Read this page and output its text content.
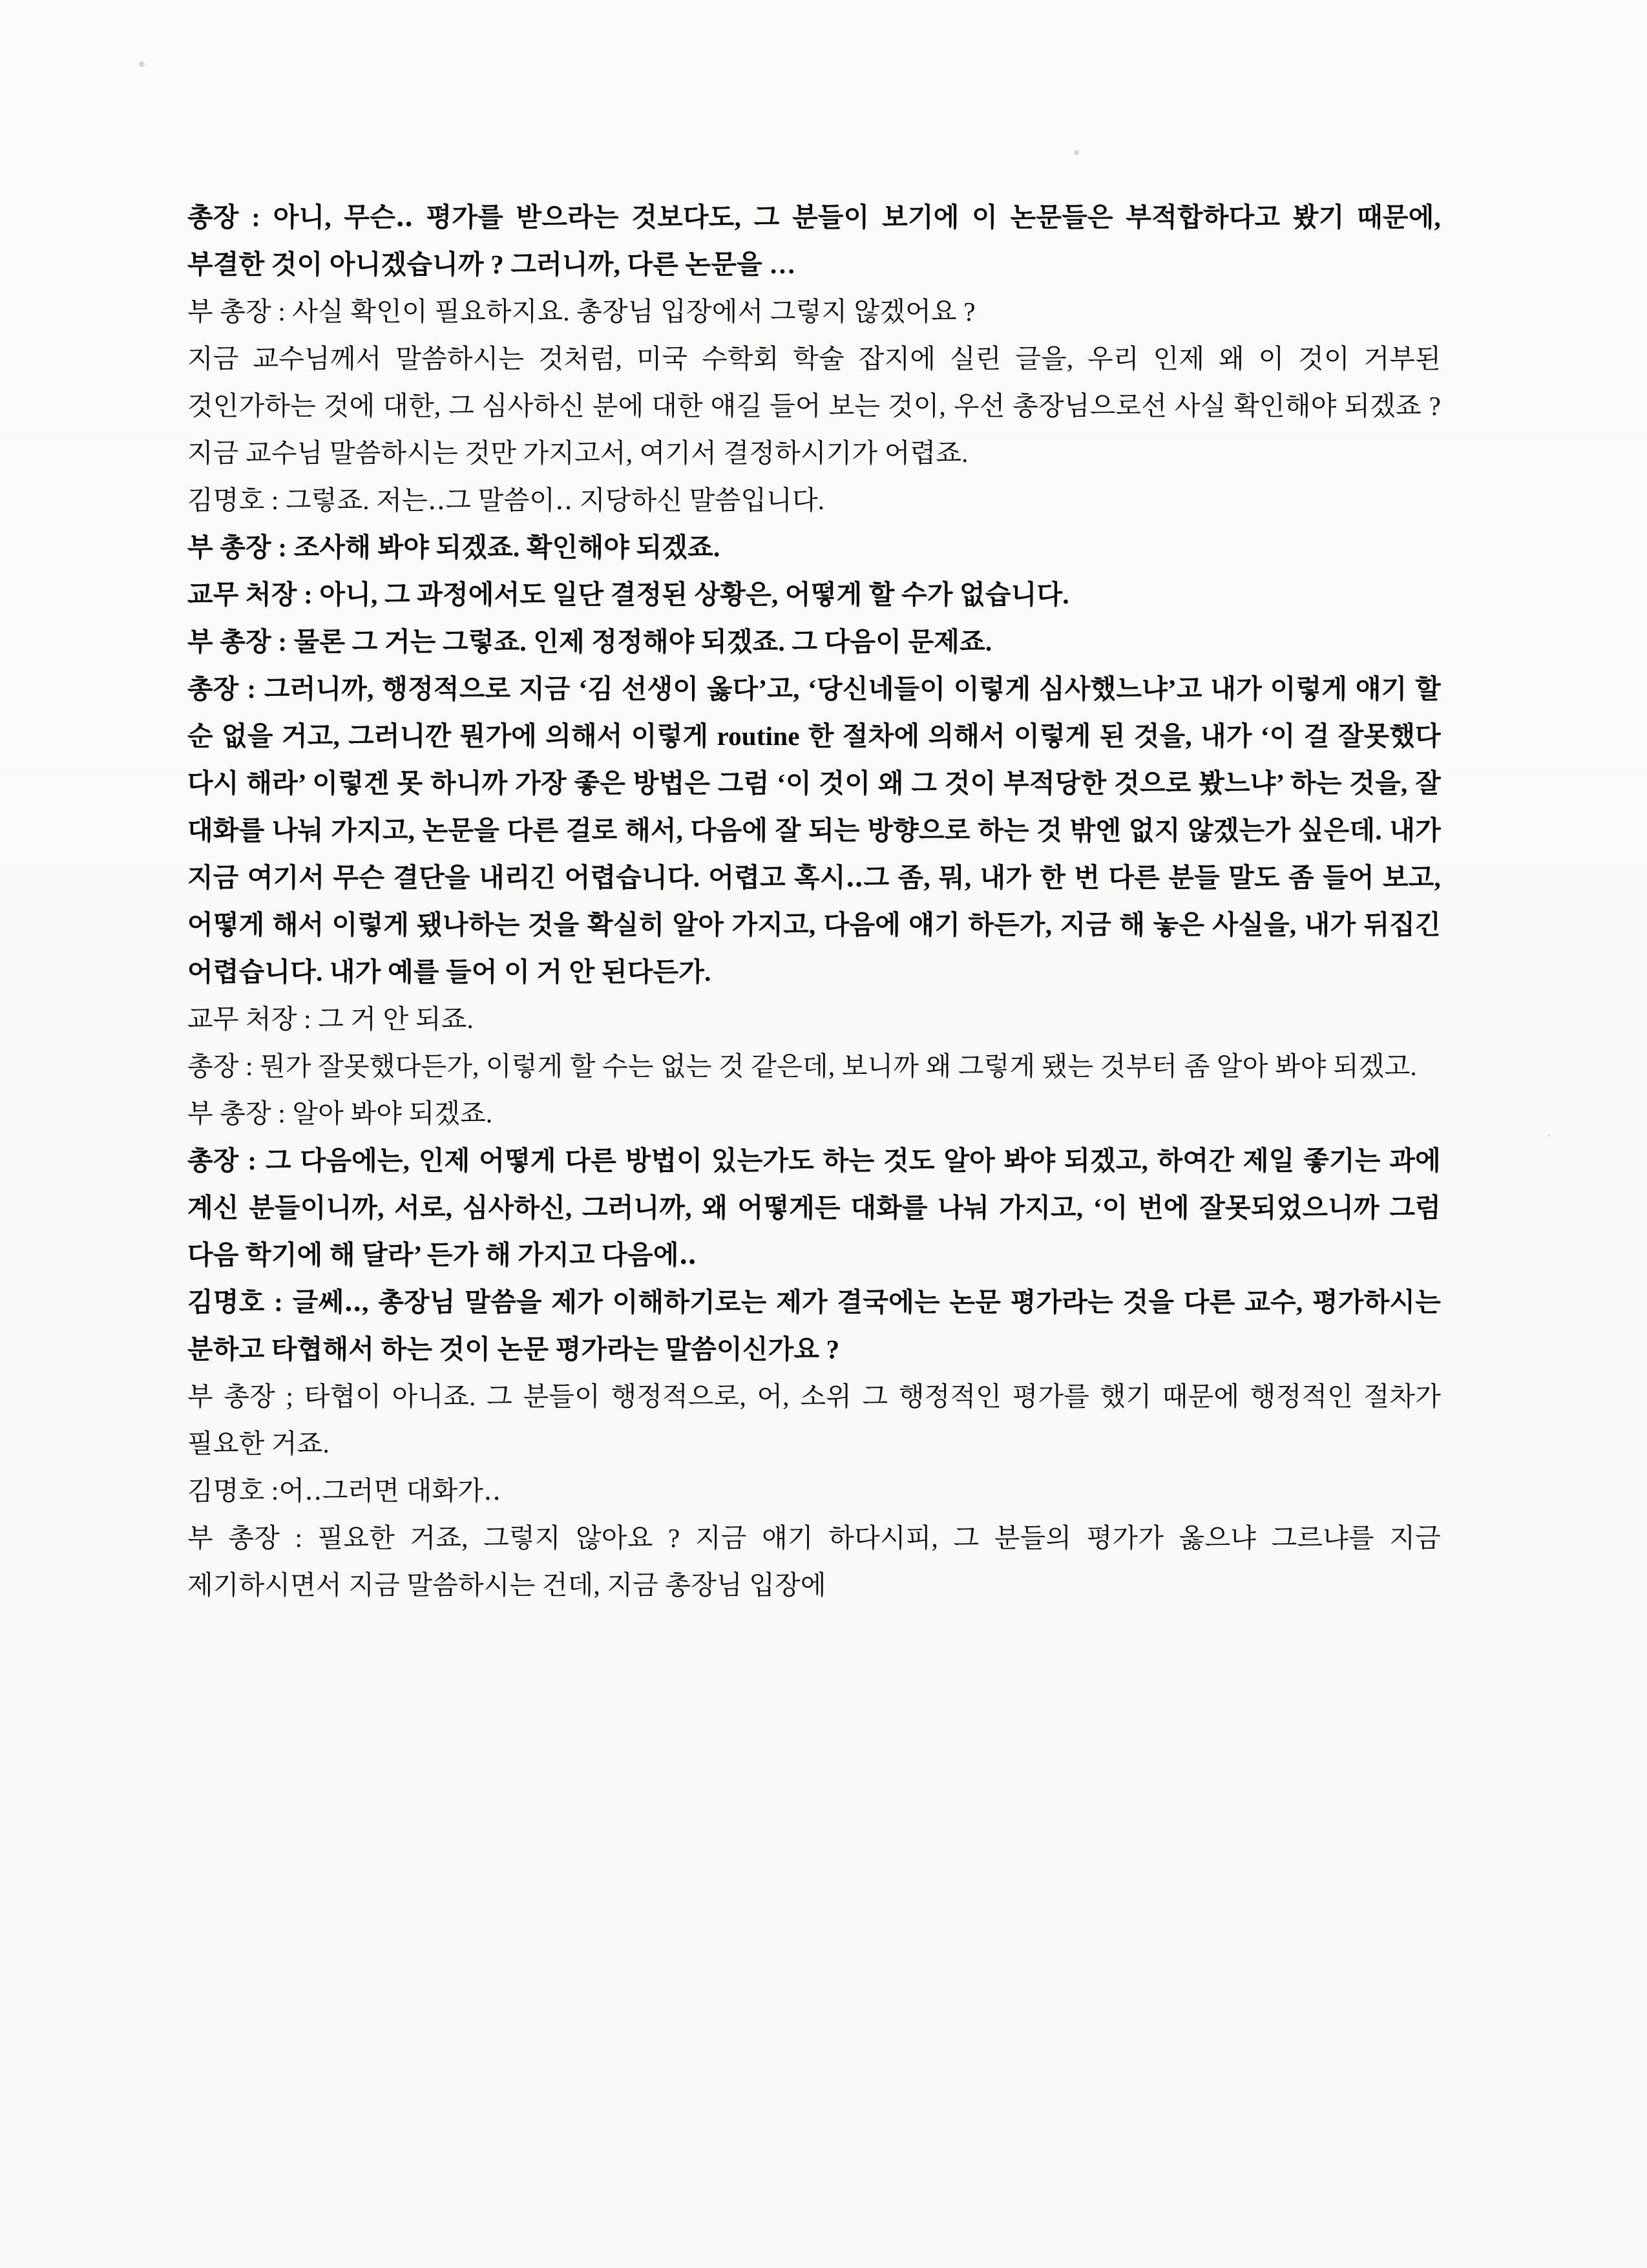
총장 : 아니, 무슨‥ 평가를 받으라는 것보다도, 그 분들이 보기에 이 논문들은 부적합하다고 봤기 때문에, 부결한 것이 아니겠습니까 ? 그러니까, 다른 논문을 …

부 총장 : 사실 확인이 필요하지요. 총장님 입장에서 그렇지 않겠어요 ?

지금 교수님께서 말씀하시는 것처럼, 미국 수학회 학술 잡지에 실린 글을, 우리 인제 왜 이 것이 거부된 것인가하는 것에 대한, 그 심사하신 분에 대한 얘길 들어 보는 것이, 우선 총장님으로선 사실 확인해야 되겠죠 ? 지금 교수님 말씀하시는 것만 가지고서, 여기서 결정하시기가 어렵죠.

김명호 : 그렇죠. 저는‥그 말씀이‥ 지당하신 말씀입니다.

부 총장 : 조사해 봐야 되겠죠. 확인해야 되겠죠.

교무 처장 : 아니, 그 과정에서도 일단 결정된 상황은, 어떻게 할 수가 없습니다.

부 총장 : 물론 그 거는 그렇죠. 인제 정정해야 되겠죠. 그 다음이 문제죠.

총장 : 그러니까, 행정적으로 지금 ‘김 선생이 옳다’고, ‘당신네들이 이렇게 심사했느냐’고 내가 이렇게 얘기 할 순 없을 거고, 그러니깐 뭔가에 의해서 이렇게 routine 한 절차에 의해서 이렇게 된 것을, 내가 ‘이 걸 잘못했다 다시 해라’ 이렇겐 못 하니까 가장 좋은 방법은 그럼 ‘이 것이 왜 그 것이 부적당한 것으로 봤느냐’ 하는 것을, 잘 대화를 나눠 가지고, 논문을 다른 걸로 해서, 다음에 잘 되는 방향으로 하는 것 밖엔 없지 않겠는가 싶은데. 내가 지금 여기서 무슨 결단을 내리긴 어렵습니다. 어렵고 혹시‥그 좀, 뭐, 내가 한 번 다른 분들 말도 좀 들어 보고, 어떻게 해서 이렇게 됐나하는 것을 확실히 알아 가지고, 다음에 얘기 하든가, 지금 해 놓은 사실을, 내가 뒤집긴 어렵습니다. 내가 예를 들어 이 거 안 된다든가.

교무 처장 : 그 거 안 되죠.

총장 : 뭔가 잘못했다든가, 이렇게 할 수는 없는 것 같은데, 보니까 왜 그렇게 됐는 것부터 좀 알아 봐야 되겠고.

부 총장 : 알아 봐야 되겠죠.

총장 : 그 다음에는, 인제 어떻게 다른 방법이 있는가도 하는 것도 알아 봐야 되겠고, 하여간 제일 좋기는 과에 계신 분들이니까, 서로, 심사하신, 그러니까, 왜 어떻게든 대화를 나눠 가지고, ‘이 번에 잘못되었으니까 그럼 다음 학기에 해 달라’ 든가 해 가지고 다음에‥

김명호 : 글쎄‥, 총장님 말씀을 제가 이해하기로는 제가 결국에는 논문 평가라는 것을 다른 교수, 평가하시는 분하고 타협해서 하는 것이 논문 평가라는 말씀이신가요 ?

부 총장 ; 타협이 아니죠. 그 분들이 행정적으로, 어, 소위 그 행정적인 평가를 했기 때문에 행정적인 절차가 필요한 거죠.

김명호 :어‥그러면 대화가‥

부 총장 : 필요한 거죠, 그렇지 않아요 ? 지금 얘기 하다시피, 그 분들의 평가가 옳으냐 그르냐를 지금 제기하시면서 지금 말씀하시는 건데, 지금 총장님 입장에
